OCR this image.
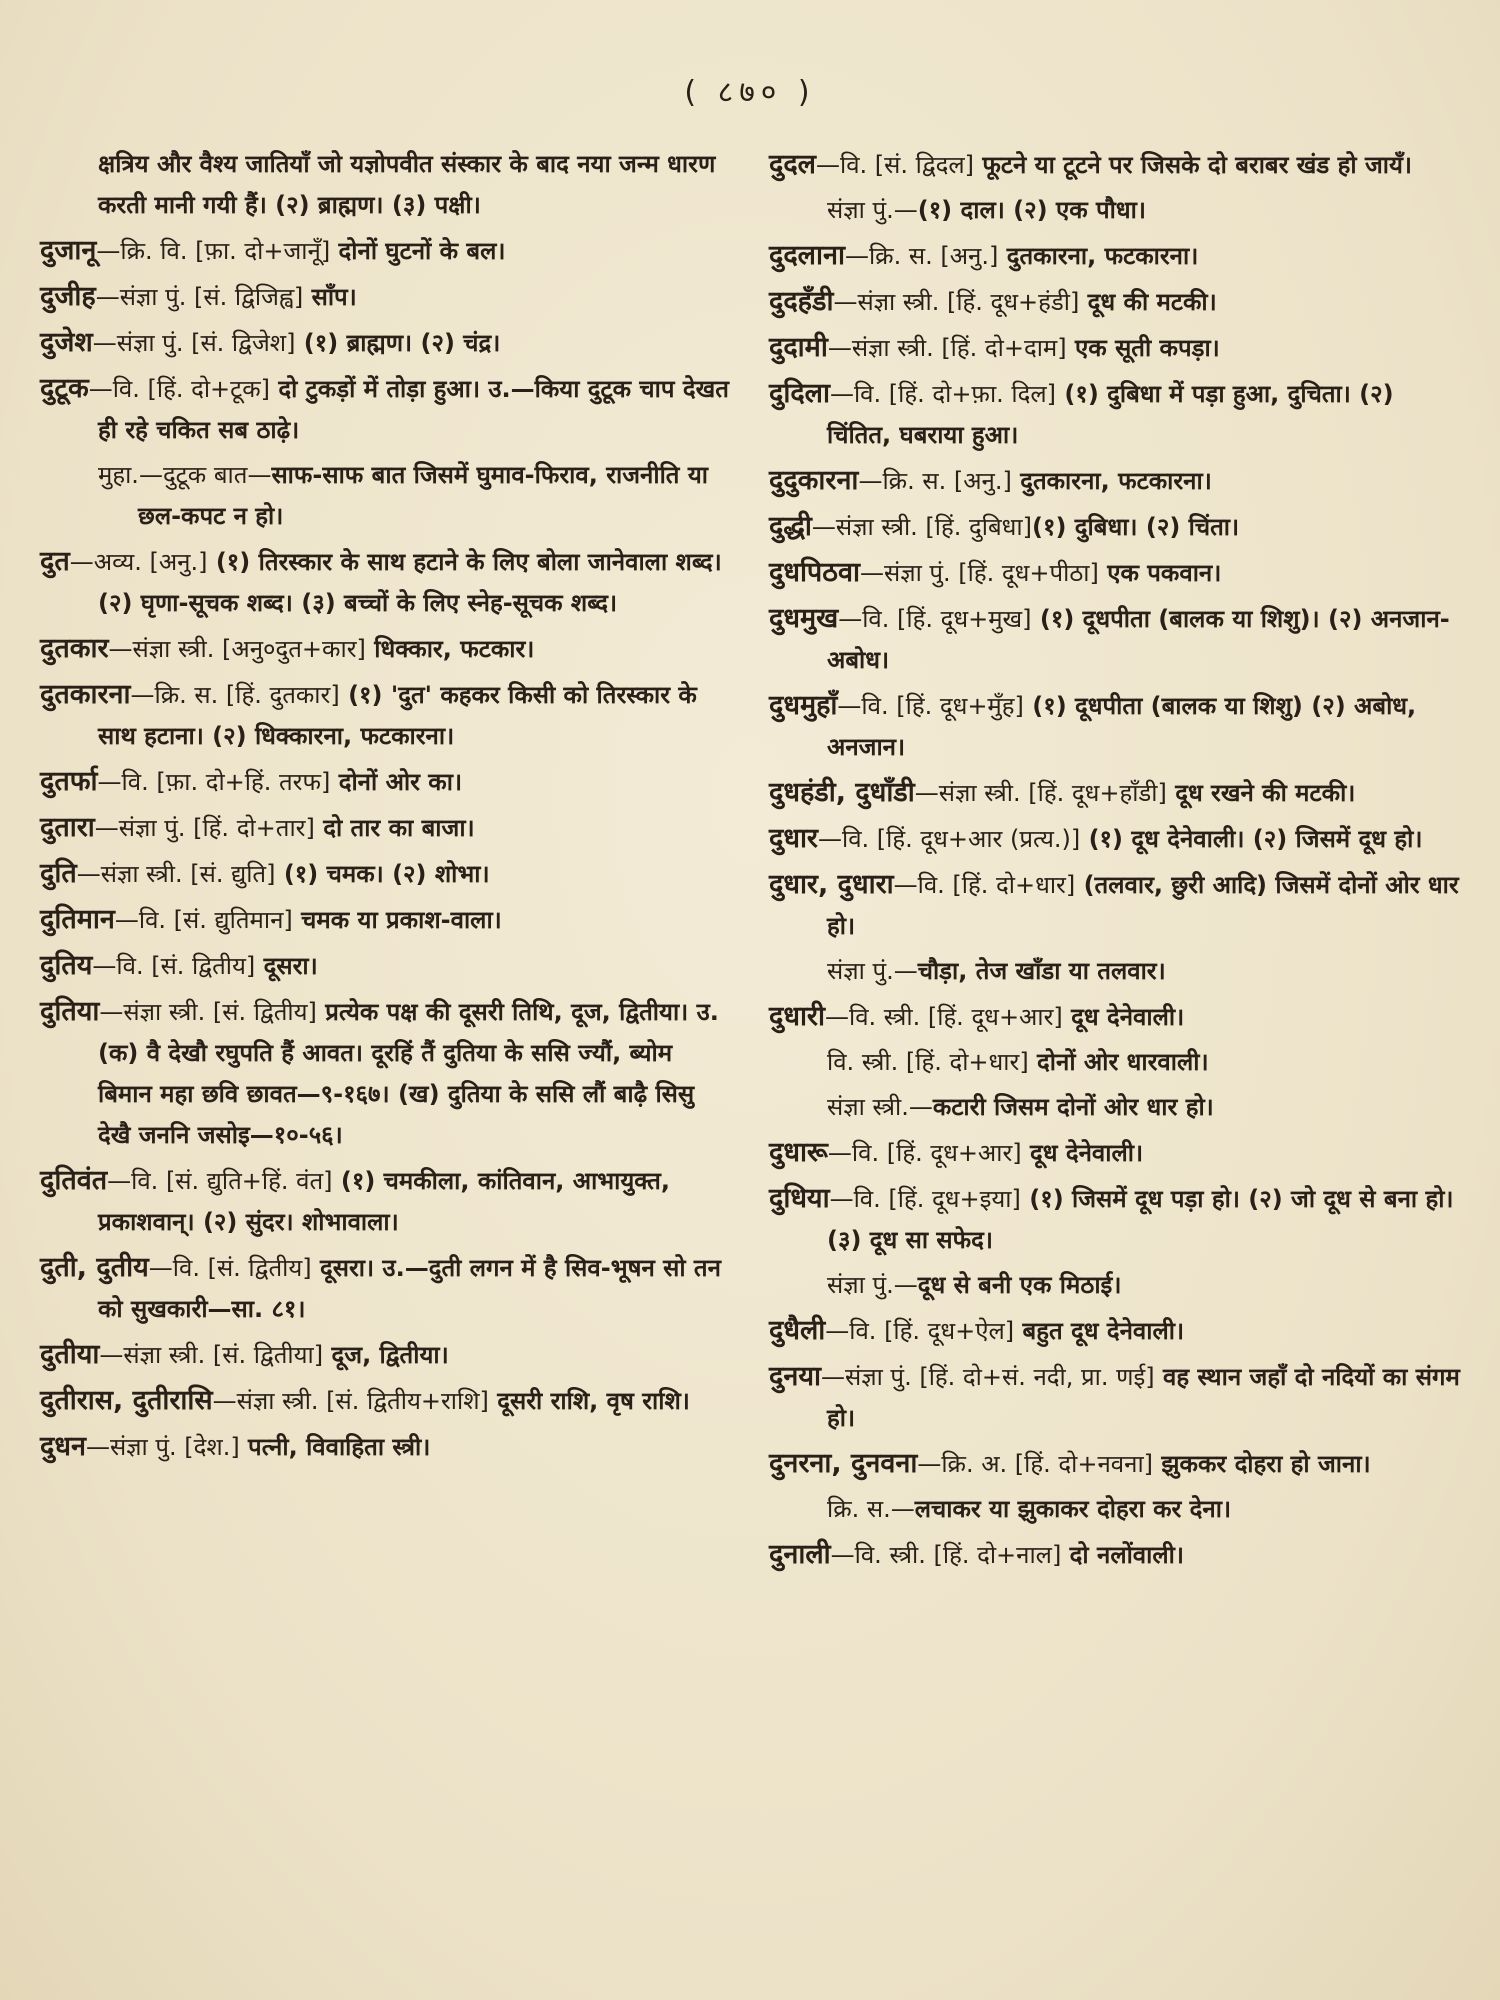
( ८७० )

क्षत्रिय और वैश्य जातियाँ जो यज्ञोपवीत संस्कार के बाद नया जन्म धारण करती मानी गयी हैं। (२) ब्राह्मण। (३) पक्षी।

दुजानू—क्रि. वि. [फ़ा. दो+जानूँ] दोनों घुटनों के बल।

दुजीह—संज्ञा पुं. [सं. द्विजिह्व] साँप।

दुजेश—संज्ञा पुं. [सं. द्विजेश] (१) ब्राह्मण। (२) चंद्र।

दुटूक—वि. [हिं. दो+टूक] दो टुकड़ों में तोड़ा हुआ। उ.—किया दुटूक चाप देखत ही रहे चकित सब ठाढ़े।

मुहा.—दुटूक बात—साफ-साफ बात जिसमें घुमाव-फिराव, राजनीति या छल-कपट न हो।

दुत—अव्य. [अनु.] (१) तिरस्कार के साथ हटाने के लिए बोला जानेवाला शब्द। (२) घृणा-सूचक शब्द। (३) बच्चों के लिए स्नेह-सूचक शब्द।

दुतकार—संज्ञा स्त्री. [अनु०दुत+कार] धिक्कार, फटकार।

दुतकारना—क्रि. स. [हिं. दुतकार] (१) 'दुत' कहकर किसी को तिरस्कार के साथ हटाना। (२) धिक्कारना, फटकारना।

दुतर्फा—वि. [फ़ा. दो+हिं. तरफ] दोनों ओर का।

दुतारा—संज्ञा पुं. [हिं. दो+तार] दो तार का बाजा।

दुति—संज्ञा स्त्री. [सं. द्युति] (१) चमक। (२) शोभा।

दुतिमान—वि. [सं. द्युतिमान] चमक या प्रकाश-वाला।

दुतिय—वि. [सं. द्वितीय] दूसरा।

दुतिया—संज्ञा स्त्री. [सं. द्वितीय] प्रत्येक पक्ष की दूसरी तिथि, दूज, द्वितीया। उ. (क) वै देखौ रघुपति हैं आवत। दूरहिं तैं दुतिया के ससि ज्यौं, ब्योम बिमान महा छवि छावत—९-१६७। (ख) दुतिया के ससि लौं बाढ़ै सिसु देखै जननि जसोइ—१०-५६।

दुतिवंत—वि. [सं. द्युति+हिं. वंत] (१) चमकीला, कांतिवान, आभायुक्त, प्रकाशवान्। (२) सुंदर। शोभावाला।

दुती, दुतीय—वि. [सं. द्वितीय] दूसरा। उ.—दुती लगन में है सिव-भूषन सो तन को सुखकारी—सा. ८१।

दुतीया—संज्ञा स्त्री. [सं. द्वितीया] दूज, द्वितीया।

दुतीरास, दुतीरासि—संज्ञा स्त्री. [सं. द्वितीय+राशि] दूसरी राशि, वृष राशि।

दुधन—संज्ञा पुं. [देश.] पत्नी, विवाहिता स्त्री।

दुदल—वि. [सं. द्विदल] फूटने या टूटने पर जिसके दो बराबर खंड हो जायँ।

संज्ञा पुं.—(१) दाल। (२) एक पौधा।

दुदलाना—क्रि. स. [अनु.] दुतकारना, फटकारना।

दुदहँडी—संज्ञा स्त्री. [हिं. दूध+हंडी] दूध की मटकी।

दुदामी—संज्ञा स्त्री. [हिं. दो+दाम] एक सूती कपड़ा।

दुदिला—वि. [हिं. दो+फ़ा. दिल] (१) दुबिधा में पड़ा हुआ, दुचिता। (२) चिंतित, घबराया हुआ।

दुदुकारना—क्रि. स. [अनु.] दुतकारना, फटकारना।

दुद्धी—संज्ञा स्त्री. [हिं. दुबिधा](१) दुबिधा। (२) चिंता।

दुधपिठवा—संज्ञा पुं. [हिं. दूध+पीठा] एक पकवान।

दुधमुख—वि. [हिं. दूध+मुख] (१) दूधपीता (बालक या शिशु)। (२) अनजान-अबोध।

दुधमुहाँ—वि. [हिं. दूध+मुँह] (१) दूधपीता (बालक या शिशु) (२) अबोध, अनजान।

दुधहंडी, दुधाँडी—संज्ञा स्त्री. [हिं. दूध+हाँडी] दूध रखने की मटकी।

दुधार—वि. [हिं. दूध+आर (प्रत्य.)] (१) दूध देनेवाली। (२) जिसमें दूध हो।

दुधार, दुधारा—वि. [हिं. दो+धार] (तलवार, छुरी आदि) जिसमें दोनों ओर धार हो।

संज्ञा पुं.—चौड़ा, तेज खाँडा या तलवार।

दुधारी—वि. स्त्री. [हिं. दूध+आर] दूध देनेवाली।

वि. स्त्री. [हिं. दो+धार] दोनों ओर धारवाली।

संज्ञा स्त्री.—कटारी जिसम दोनों ओर धार हो।

दुधारू—वि. [हिं. दूध+आर] दूध देनेवाली।

दुधिया—वि. [हिं. दूध+इया] (१) जिसमें दूध पड़ा हो। (२) जो दूध से बना हो। (३) दूध सा सफेद।

संज्ञा पुं.—दूध से बनी एक मिठाई।

दुधैली—वि. [हिं. दूध+ऐल] बहुत दूध देनेवाली।

दुनया—संज्ञा पुं. [हिं. दो+सं. नदी, प्रा. णई] वह स्थान जहाँ दो नदियों का संगम हो।

दुनरना, दुनवना—क्रि. अ. [हिं. दो+नवना] झुककर दोहरा हो जाना।

क्रि. स.—लचाकर या झुकाकर दोहरा कर देना।

दुनाली—वि. स्त्री. [हिं. दो+नाल] दो नलोंवाली।
